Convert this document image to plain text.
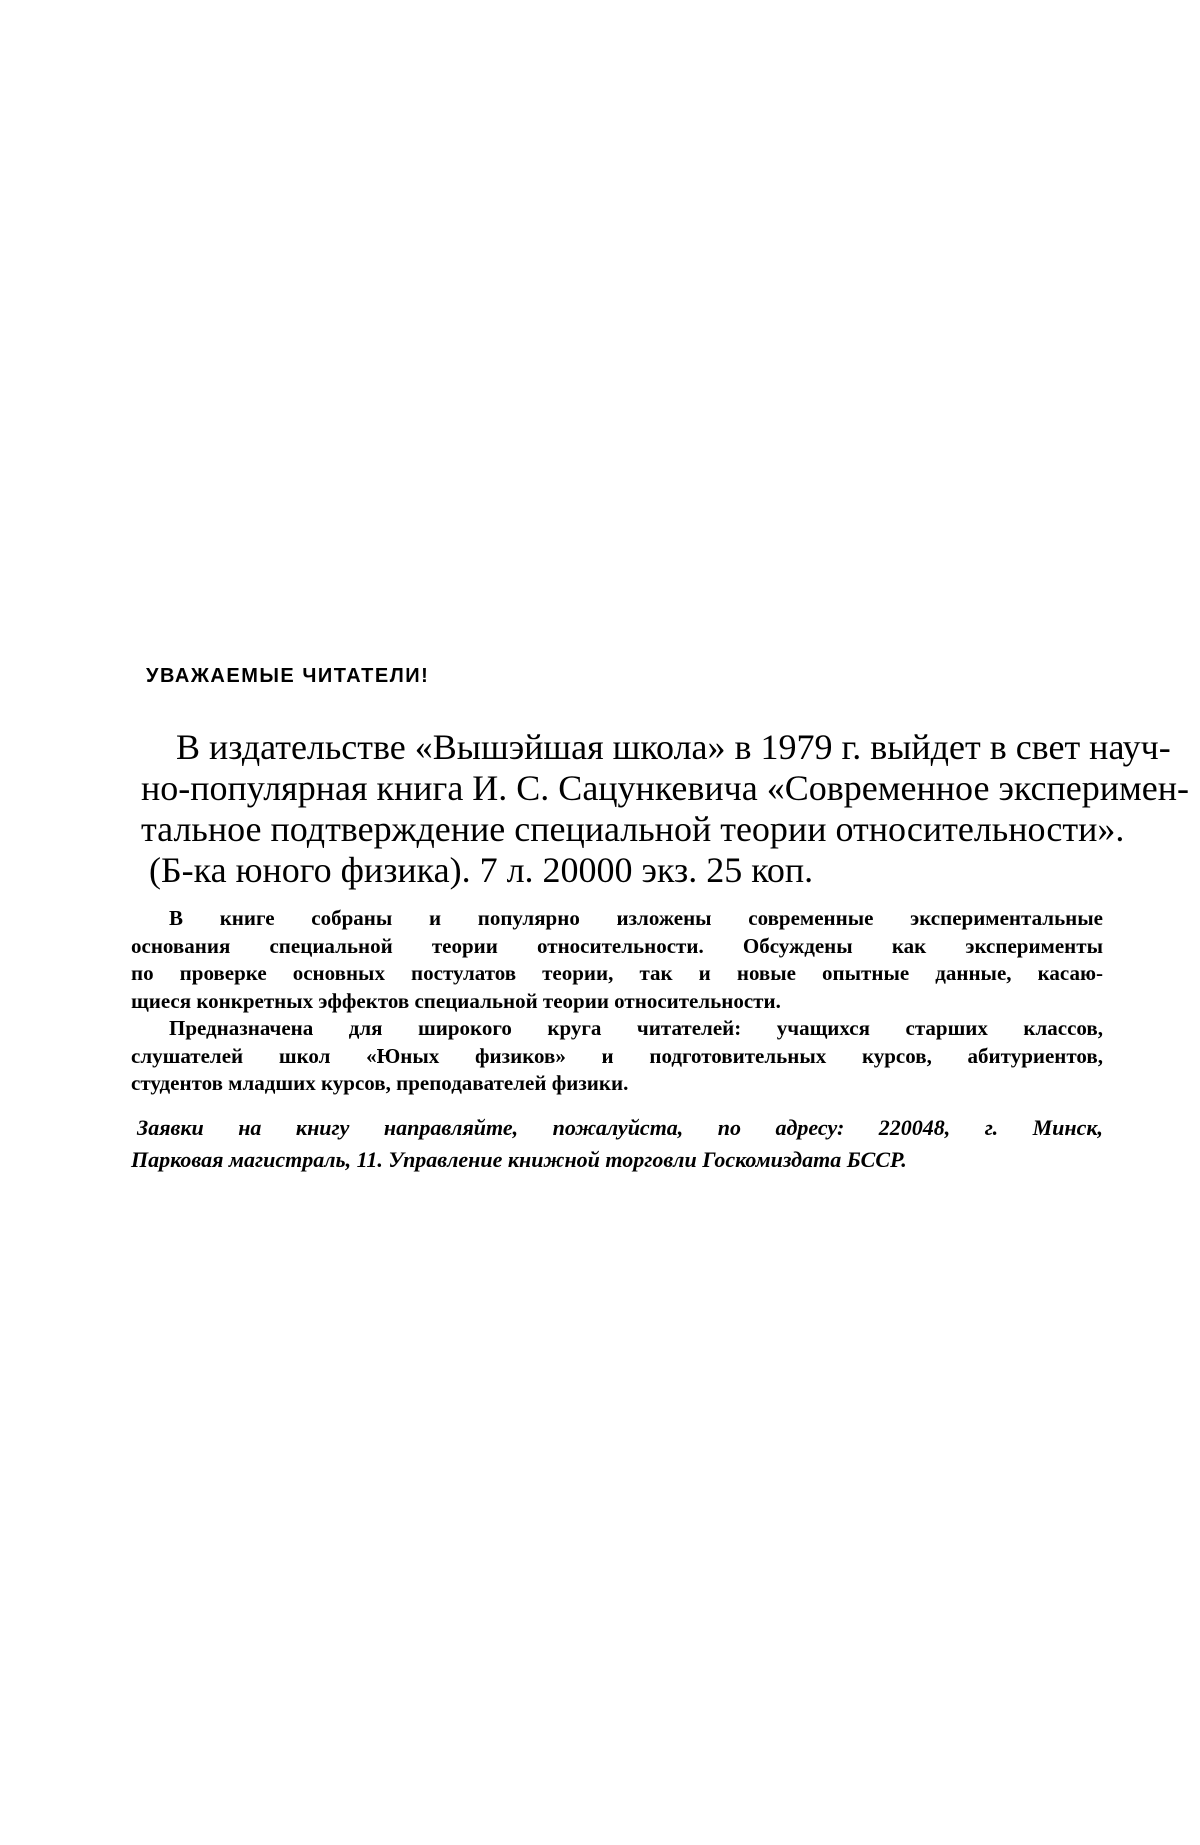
УВАЖАЕМЫЕ ЧИТАТЕЛИ!
В издательстве «Вышэйшая школа» в 1979 г. выйдет в свет науч-
но-популярная книга И. С. Сацункевича «Современное эксперимен-
тальное подтверждение специальной теории относительности».
(Б-ка юного физика). 7 л. 20000 экз. 25 коп.
В книге собраны и популярно изложены современные экспериментальные
основания специальной теории относительности. Обсуждены как эксперименты
по проверке основных постулатов теории, так и новые опытные данные, касаю-
щиеся конкретных эффектов специальной теории относительности.
Предназначена для широкого круга читателей: учащихся старших классов,
слушателей школ «Юных физиков» и подготовительных курсов, абитуриентов,
студентов младших курсов, преподавателей физики.
Заявки на книгу направляйте, пожалуйста, по адресу: 220048, г. Минск,
Парковая магистраль, 11. Управление книжной торговли Госкомиздата БССР.
